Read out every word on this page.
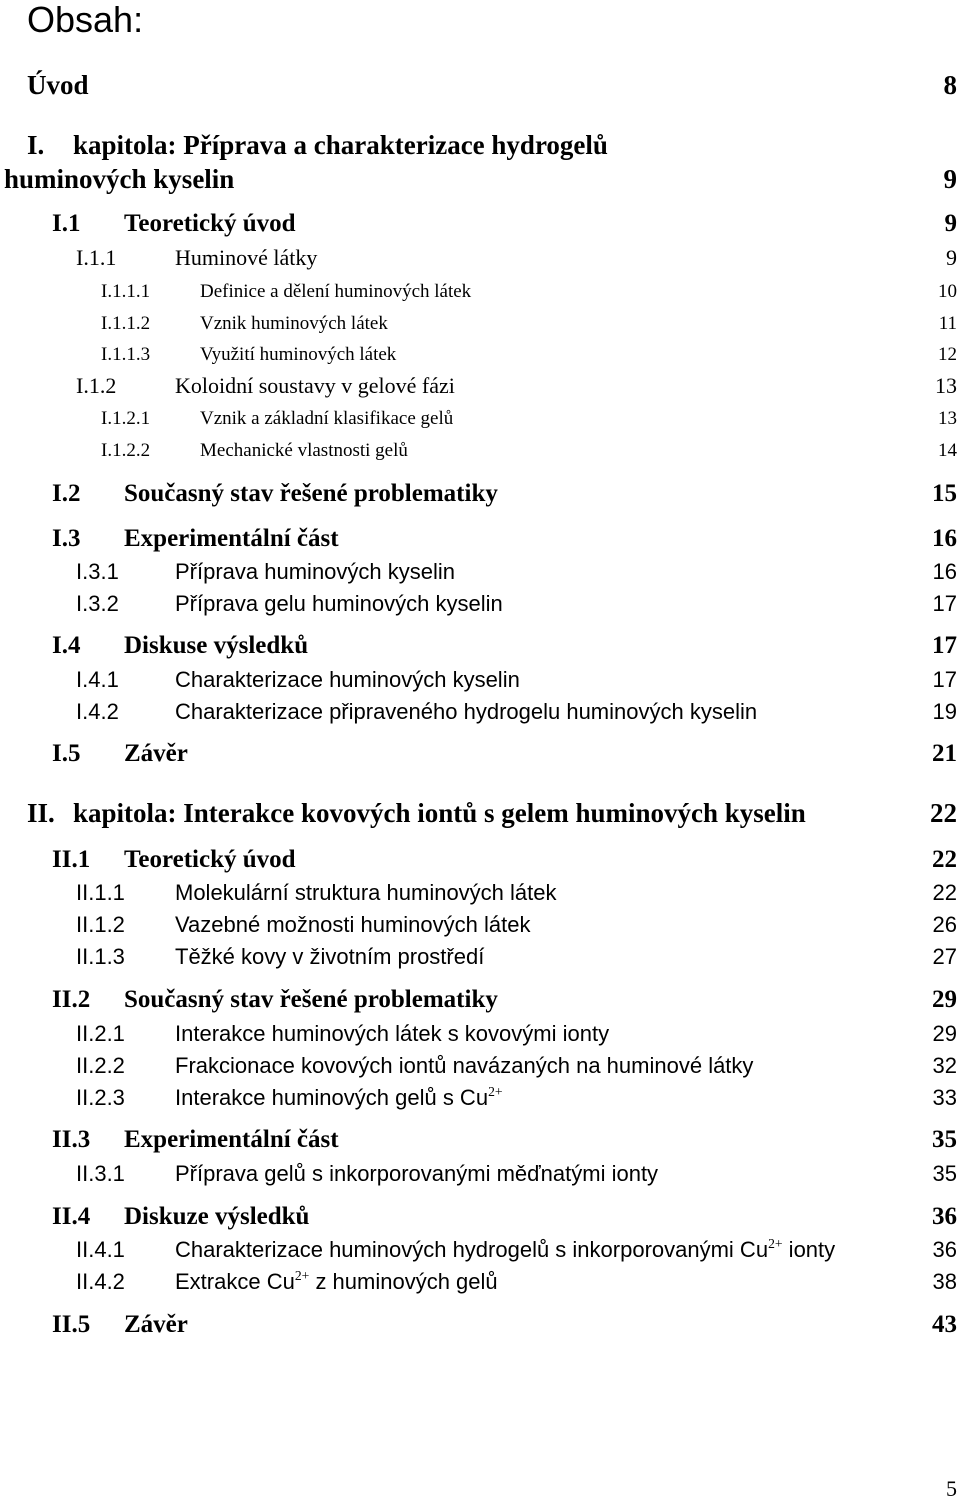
Obsah:
Úvod	8
I. kapitola: Příprava a charakterizace hydrogelů
huminových kyselin	9
I.1 Teoretický úvod	9
I.1.1	Huminové látky	9
I.1.1.1	Definice a dělení huminových látek	10
I.1.1.2	Vznik huminových látek	11
I.1.1.3	Využití huminových látek	12
I.1.2	Koloidní soustavy v gelové fázi	13
I.1.2.1	Vznik a základní klasifikace gelů	13
I.1.2.2	Mechanické vlastnosti gelů	14
I.2 Současný stav řešené problematiky	15
I.3 Experimentální část	16
I.3.1	Příprava huminových kyselin	16
I.3.2	Příprava gelu huminových kyselin	17
I.4 Diskuse výsledků	17
I.4.1	Charakterizace huminových kyselin	17
I.4.2	Charakterizace připraveného hydrogelu huminových kyselin	19
I.5 Závěr	21
II. kapitola: Interakce kovových iontů s gelem huminových kyselin	22
II.1 Teoretický úvod	22
II.1.1 Molekulární struktura huminových látek	22
II.1.2 Vazebné možnosti huminových látek	26
II.1.3 Těžké kovy v životním prostředí	27
II.2 Současný stav řešené problematiky	29
II.2.1 Interakce huminových látek s kovovými ionty	29
II.2.2 Frakcionace kovových iontů navázaných na huminové látky	32
II.2.3 Interakce huminových gelů s $Cu^{2+}$	33
II.3 Experimentální část	35
II.3.1 Příprava gelů s inkorporovanými měďnatými ionty	35
II.4 Diskuze výsledků	36
II.4.1 Charakterizace huminových hydrogelů s inkorporovanými $Cu^{2+}$ ionty	36
II.4.2 Extrakce $Cu^{2+}$ z huminových gelů	38
II.5 Závěr	43
5
